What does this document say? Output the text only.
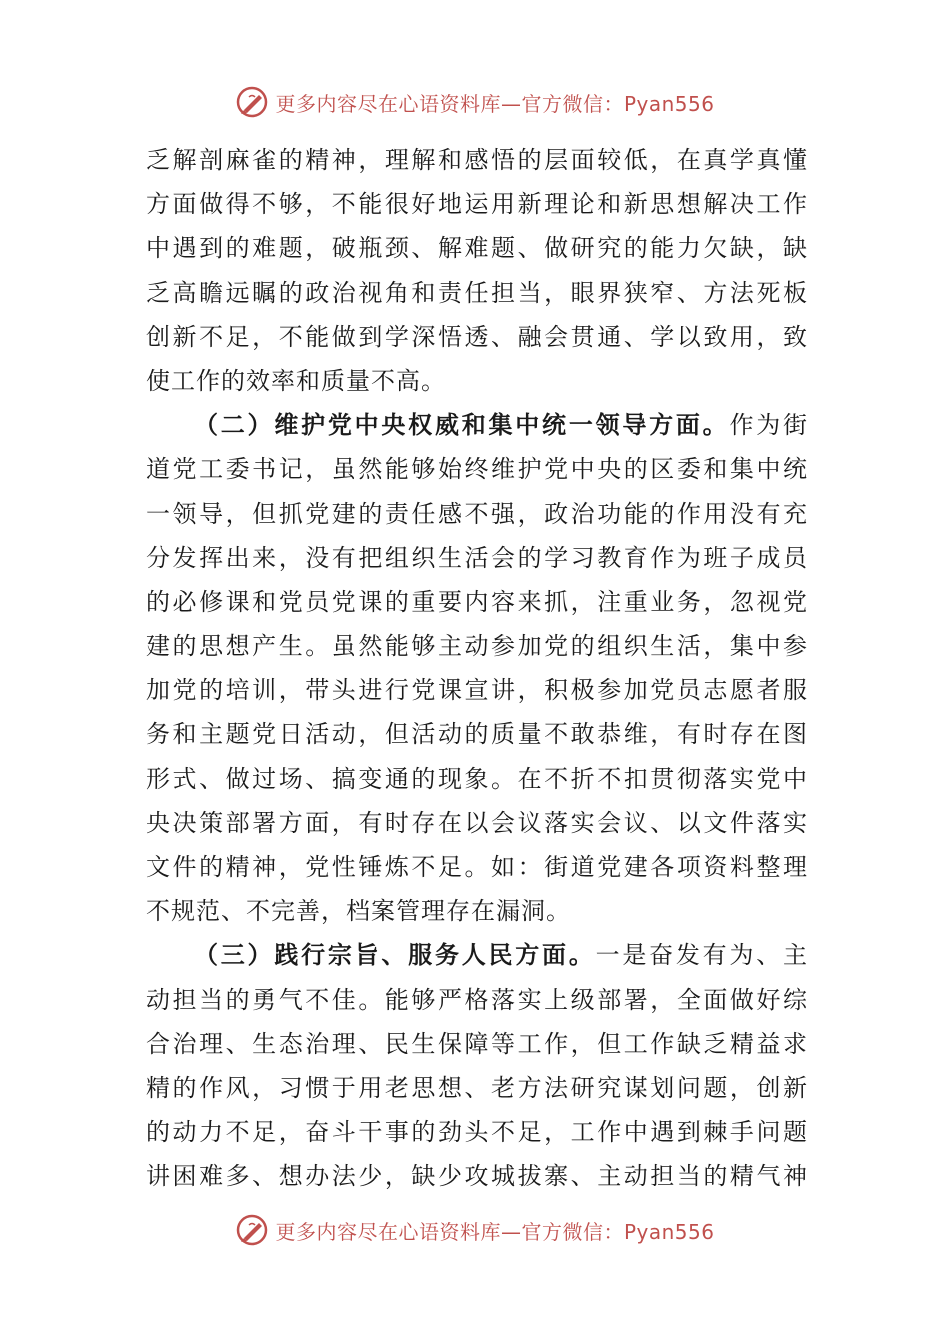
更多内容尽在心语资料库—官方微信：Pyan556
乏解剖麻雀的精神，理解和感悟的层面较低，在真学真懂
方面做得不够，不能很好地运用新理论和新思想解决工作
中遇到的难题，破瓶颈、解难题、做研究的能力欠缺，缺
乏高瞻远瞩的政治视角和责任担当，眼界狭窄、方法死板
创新不足，不能做到学深悟透、融会贯通、学以致用，致
使工作的效率和质量不高。
（二）维护党中央权威和集中统一领导方面。作为街
道党工委书记，虽然能够始终维护党中央的区委和集中统
一领导，但抓党建的责任感不强，政治功能的作用没有充
分发挥出来，没有把组织生活会的学习教育作为班子成员
的必修课和党员党课的重要内容来抓，注重业务，忽视党
建的思想产生。虽然能够主动参加党的组织生活，集中参
加党的培训，带头进行党课宣讲，积极参加党员志愿者服
务和主题党日活动，但活动的质量不敢恭维，有时存在图
形式、做过场、搞变通的现象。在不折不扣贯彻落实党中
央决策部署方面，有时存在以会议落实会议、以文件落实
文件的精神，党性锤炼不足。如：街道党建各项资料整理
不规范、不完善，档案管理存在漏洞。
（三）践行宗旨、服务人民方面。一是奋发有为、主
动担当的勇气不佳。能够严格落实上级部署，全面做好综
合治理、生态治理、民生保障等工作，但工作缺乏精益求
精的作风，习惯于用老思想、老方法研究谋划问题，创新
的动力不足，奋斗干事的劲头不足，工作中遇到棘手问题
讲困难多、想办法少，缺少攻城拔寨、主动担当的精气神
更多内容尽在心语资料库—官方微信：Pyan556
